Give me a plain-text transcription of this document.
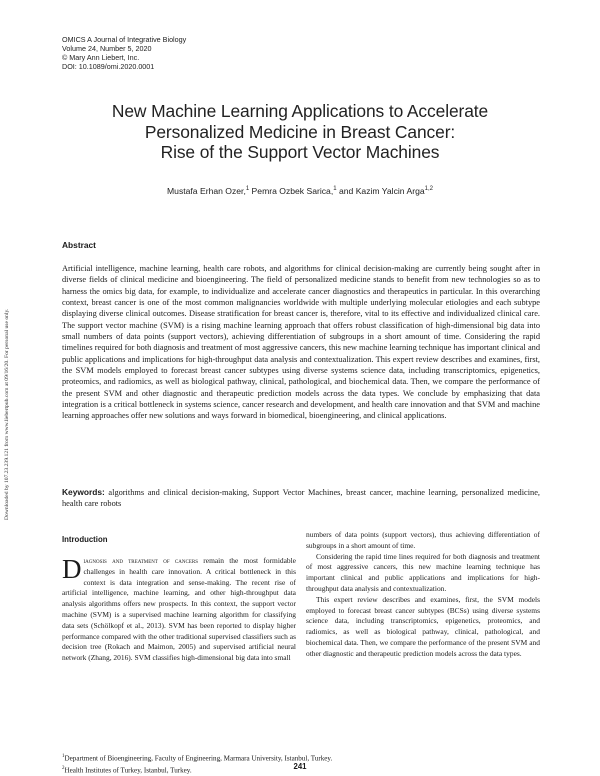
OMICS A Journal of Integrative Biology
Volume 24, Number 5, 2020
© Mary Ann Liebert, Inc.
DOI: 10.1089/omi.2020.0001
Downloaded by 107.23.239.121 from www.liebertpub.com at 09/16/20. For personal use only.
New Machine Learning Applications to Accelerate
Personalized Medicine in Breast Cancer:
Rise of the Support Vector Machines
Mustafa Erhan Ozer,$^1$ Pemra Ozbek Sarica,$^1$ and Kazim Yalcin Arga$^{1,2}$
Abstract

Artificial intelligence, machine learning, health care robots, and algorithms for clinical decision-making are currently being sought after in diverse fields of clinical medicine and bioengineering. The field of personalized medicine stands to benefit from new technologies so as to harness the omics big data, for example, to individualize and accelerate cancer diagnostics and therapeutics in particular. In this overarching context, breast cancer is one of the most common malignancies worldwide with multiple underlying molecular etiologies and each subtype displaying diverse clinical outcomes. Disease stratification for breast cancer is, therefore, vital to its effective and individualized clinical care. The support vector machine (SVM) is a rising machine learning approach that offers robust classification of high-dimensional big data into small numbers of data points (support vectors), achieving differentiation of subgroups in a short amount of time. Considering the rapid timelines required for both diagnosis and treatment of most aggressive cancers, this new machine learning technique has important clinical and public applications and implications for high-throughput data analysis and contextualization. This expert review describes and examines, first, the SVM models employed to forecast breast cancer subtypes using diverse systems science data, including transcriptomics, epigenetics, proteomics, and radiomics, as well as biological pathway, clinical, pathological, and biochemical data. Then, we compare the performance of the present SVM and other diagnostic and therapeutic prediction models across the data types. We conclude by emphasizing that data integration is a critical bottleneck in systems science, cancer research and development, and health care innovation and that SVM and machine learning approaches offer new solutions and ways forward in biomedical, bioengineering, and clinical applications.

Keywords: algorithms and clinical decision-making, Support Vector Machines, breast cancer, machine learning, personalized medicine, health care robots
Introduction

Diagnosis and treatment of cancers remain the most formidable challenges in health care innovation. A critical bottleneck in this context is data integration and sense-making. The recent rise of artificial intelligence, machine learning, and other high-throughput data analysis algorithms offers new prospects. In this context, the support vector machine (SVM) is a supervised machine learning algorithm for classifying data sets (Schölkopf et al., 2013). SVM has been reported to display higher performance compared with the other traditional supervised classifiers such as decision tree (Rokach and Maimon, 2005) and supervised artificial neural network (Zhang, 2016). SVM classifies high-dimensional big data into small

numbers of data points (support vectors), thus achieving differentiation of subgroups in a short amount of time.

Considering the rapid time lines required for both diagnosis and treatment of most aggressive cancers, this new machine learning technique has important clinical and public applications and implications for high-throughput data analysis and contextualization.

This expert review describes and examines, first, the SVM models employed to forecast breast cancer subtypes (BCSs) using diverse systems science data, including transcriptomics, epigenetics, proteomics, and radiomics, as well as biological pathway, clinical, pathological, and biochemical data. Then, we compare the performance of the present SVM and other diagnostic and therapeutic prediction models across the data types.

$^1$Department of Bioengineering, Faculty of Engineering, Marmara University, Istanbul, Turkey.
$^2$Health Institutes of Turkey, Istanbul, Turkey.	241
